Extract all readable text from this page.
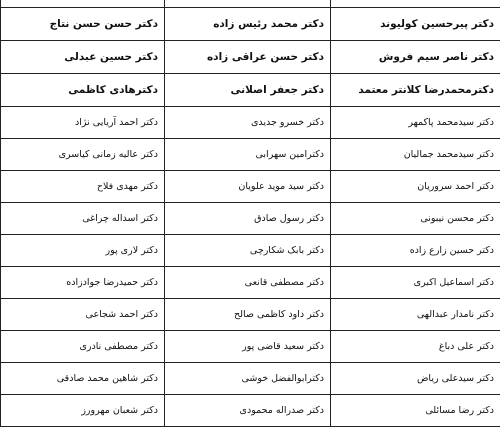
دکتر پیرحسین کولیوند	دکتر محمد رئیس زاده	دکتر حسن حسن نتاج
دکتر ناصر سیم فروش	دکتر حسن عراقی زاده	دکتر حسین عبدلی
دکترمحمدرضا کلانتر معتمد	دکتر جعفر اصلانی	دکترهادی کاظمی
دکتر سیدمحمد پاکمهر	دکتر خسرو جدیدی	دکتر احمد آریایی نژاد
دکتر سیدمحمد جمالیان	دکترامین سهرابی	دکتر عالیه زمانی کیاسری
دکتر احمد سروریان	دکتر سید موید علویان	دکتر مهدی فلاح
دکتر محسن نیبونی	دکتر رسول صادق	دکتر اسداله چراغی
دکتر حسین زارع زاده	دکتر بابک شکارچی	دکتر لاری پور
دکتر اسماعیل اکبری	دکتر مصطفی قانعی	دکتر حمیدرضا جوادزاده
دکتر نامدار عبدالهی	دکتر داود کاظمی صالح	دکتر احمد شجاعی
دکتر علی دباغ	دکتر سعید قاضی پور	دکتر مصطفی نادری
دکتر سیدعلی ریاض	دکترابوالفضل خوشی	دکتر شاهین محمد صادقی
دکتر رضا مسائلی	دکتر صدراله محمودی	دکتر شعبان مهرورز
